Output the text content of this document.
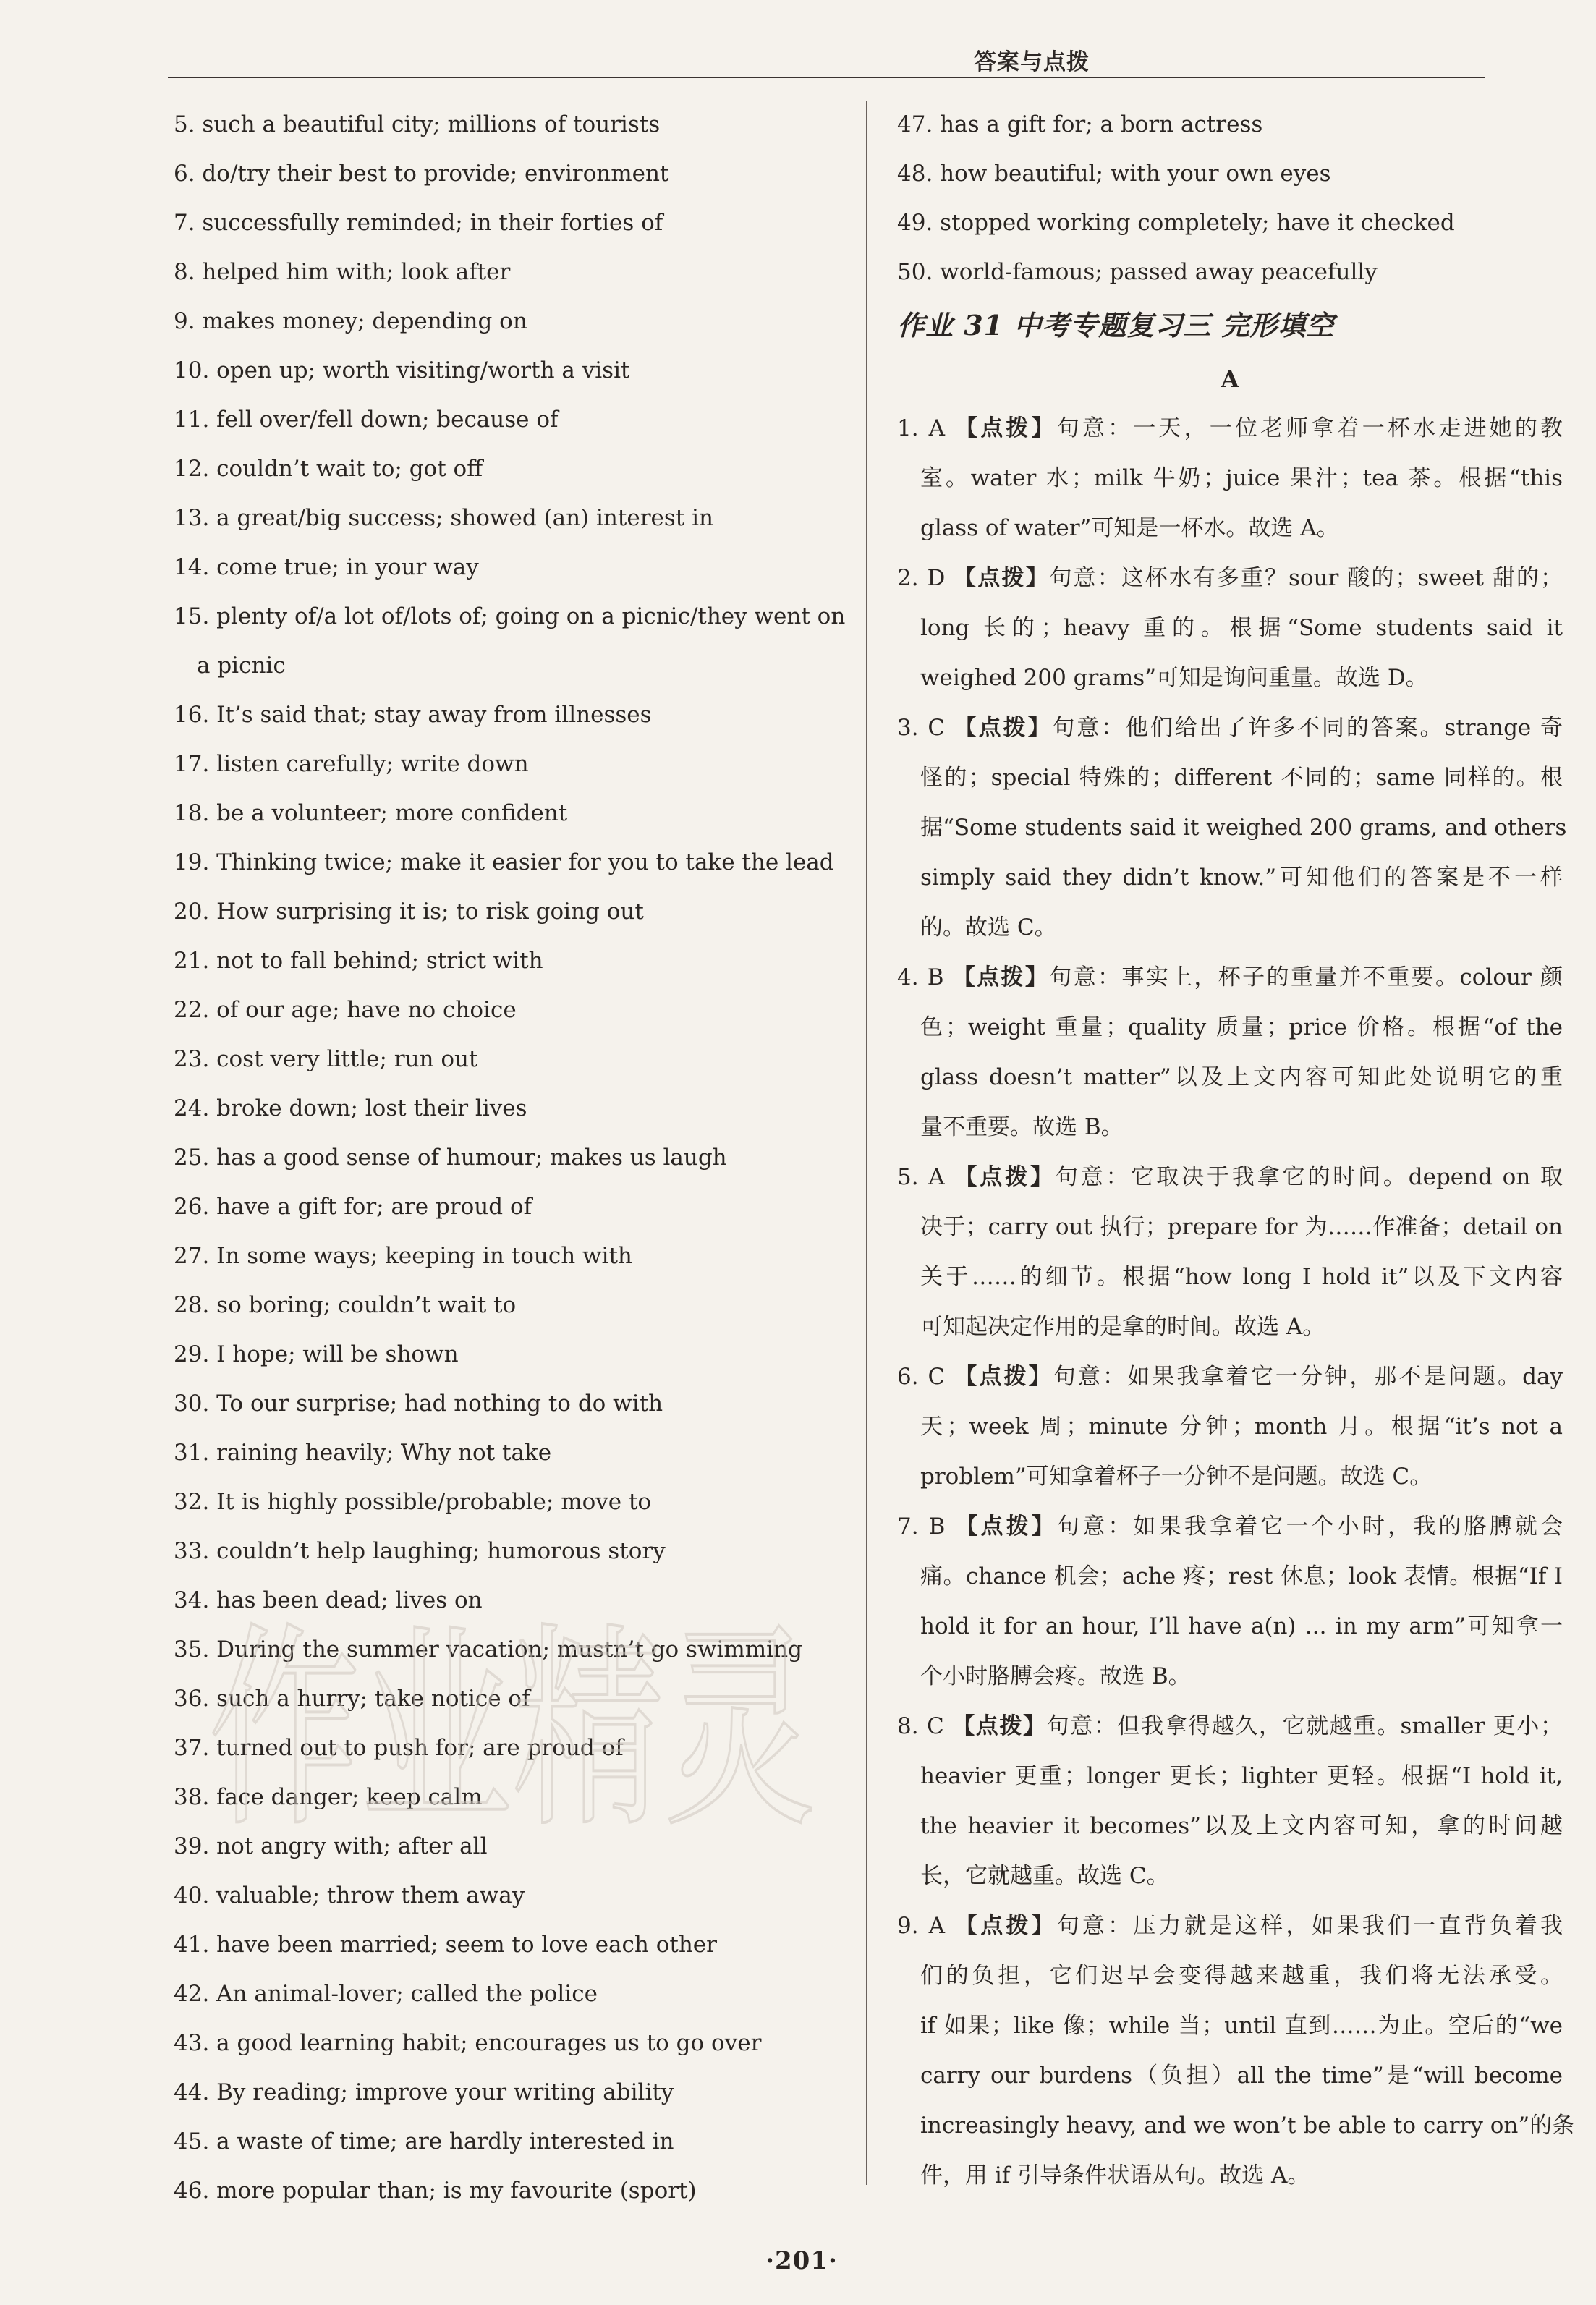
答案与点拨
5. such a beautiful city; millions of tourists
6. do/try their best to provide; environment
7. successfully reminded; in their forties of
8. helped him with; look after
9. makes money; depending on
10. open up; worth visiting/worth a visit
11. fell over/fell down; because of
12. couldn’t wait to; got off
13. a great/big success; showed (an) interest in
14. come true; in your way
15. plenty of/a lot of/lots of; going on a picnic/they went on
a picnic
16. It’s said that; stay away from illnesses
17. listen carefully; write down
18. be a volunteer; more confident
19. Thinking twice; make it easier for you to take the lead
20. How surprising it is; to risk going out
21. not to fall behind; strict with
22. of our age; have no choice
23. cost very little; run out
24. broke down; lost their lives
25. has a good sense of humour; makes us laugh
26. have a gift for; are proud of
27. In some ways; keeping in touch with
28. so boring; couldn’t wait to
29. I hope; will be shown
30. To our surprise; had nothing to do with
31. raining heavily; Why not take
32. It is highly possible/probable; move to
33. couldn’t help laughing; humorous story
34. has been dead; lives on
35. During the summer vacation; mustn’t go swimming
36. such a hurry; take notice of
37. turned out to push for; are proud of
38. face danger; keep calm
39. not angry with; after all
40. valuable; throw them away
41. have been married; seem to love each other
42. An animal-lover; called the police
43. a good learning habit; encourages us to go over
44. By reading; improve your writing ability
45. a waste of time; are hardly interested in
46. more popular than; is my favourite (sport)
47. has a gift for; a born actress
48. how beautiful; with your own eyes
49. stopped working completely; have it checked
50. world-famous; passed away peacefully
作业 31 中考专题复习三 完形填空
A
1. A 【点拨】句意：一天，一位老师拿着一杯水走进她的教
室。water 水；milk 牛奶；juice 果汁；tea 茶。根据“this
glass of water”可知是一杯水。故选 A。
2. D 【点拨】句意：这杯水有多重？sour 酸的；sweet 甜的；
long 长的；heavy 重的。根据“Some students said it
weighed 200 grams”可知是询问重量。故选 D。
3. C 【点拨】句意：他们给出了许多不同的答案。strange 奇
怪的；special 特殊的；different 不同的；same 同样的。根
据“Some students said it weighed 200 grams, and others
simply said they didn’t know.”可知他们的答案是不一样
的。故选 C。
4. B 【点拨】句意：事实上，杯子的重量并不重要。colour 颜
色；weight 重量；quality 质量；price 价格。根据“of the
glass doesn’t matter”以及上文内容可知此处说明它的重
量不重要。故选 B。
5. A 【点拨】句意：它取决于我拿它的时间。depend on 取
决于；carry out 执行；prepare for 为……作准备；detail on
关于……的细节。根据“how long I hold it”以及下文内容
可知起决定作用的是拿的时间。故选 A。
6. C 【点拨】句意：如果我拿着它一分钟，那不是问题。day
天；week 周；minute 分钟；month 月。根据“it’s not a
problem”可知拿着杯子一分钟不是问题。故选 C。
7. B 【点拨】句意：如果我拿着它一个小时，我的胳膊就会
痛。chance 机会；ache 疼；rest 休息；look 表情。根据“If I
hold it for an hour, I’ll have a(n) ... in my arm”可知拿一
个小时胳膊会疼。故选 B。
8. C 【点拨】句意：但我拿得越久，它就越重。smaller 更小；
heavier 更重；longer 更长；lighter 更轻。根据“I hold it,
the heavier it becomes”以及上文内容可知，拿的时间越
长，它就越重。故选 C。
9. A 【点拨】句意：压力就是这样，如果我们一直背负着我
们的负担，它们迟早会变得越来越重，我们将无法承受。
if 如果；like 像；while 当；until 直到……为止。空后的“we
carry our burdens（负担）all the time”是“will become
increasingly heavy, and we won’t be able to carry on”的条
件，用 if 引导条件状语从句。故选 A。
作业精灵
·201·
